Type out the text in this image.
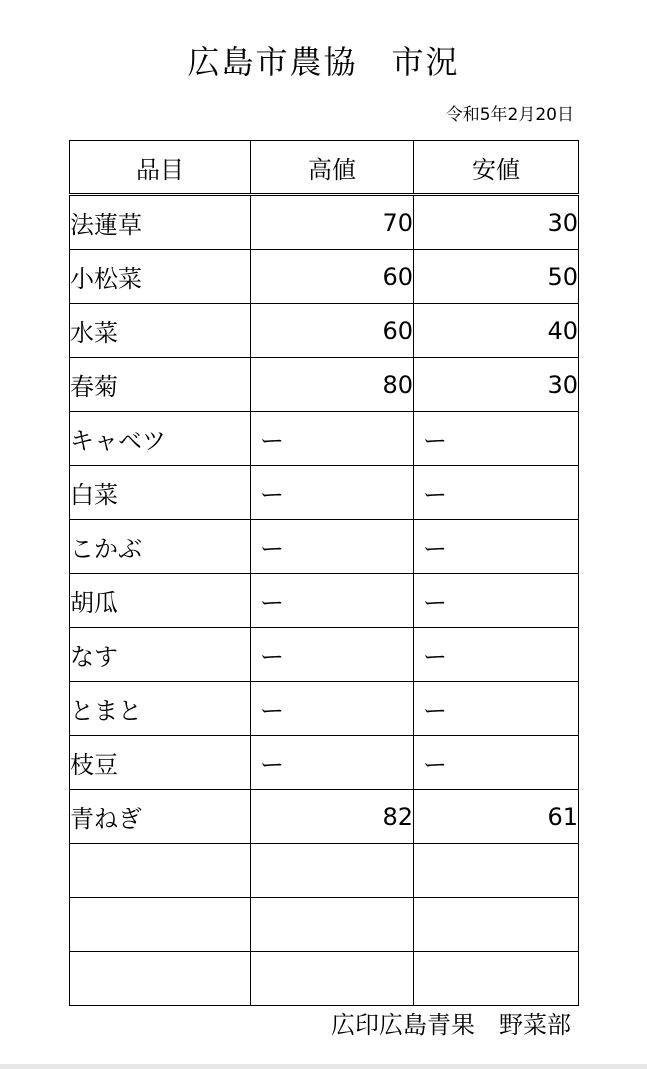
広島市農協　市況
令和5年2月20日
品目	高値	安値
法蓮草	70	30
小松菜	60	50
水菜	60	40
春菊	80	30
キャベツ	ー	ー
白菜	ー	ー
こかぶ	ー	ー
胡瓜	ー	ー
なす	ー	ー
とまと	ー	ー
枝豆	ー	ー
青ねぎ	82	61

広印広島青果　野菜部
